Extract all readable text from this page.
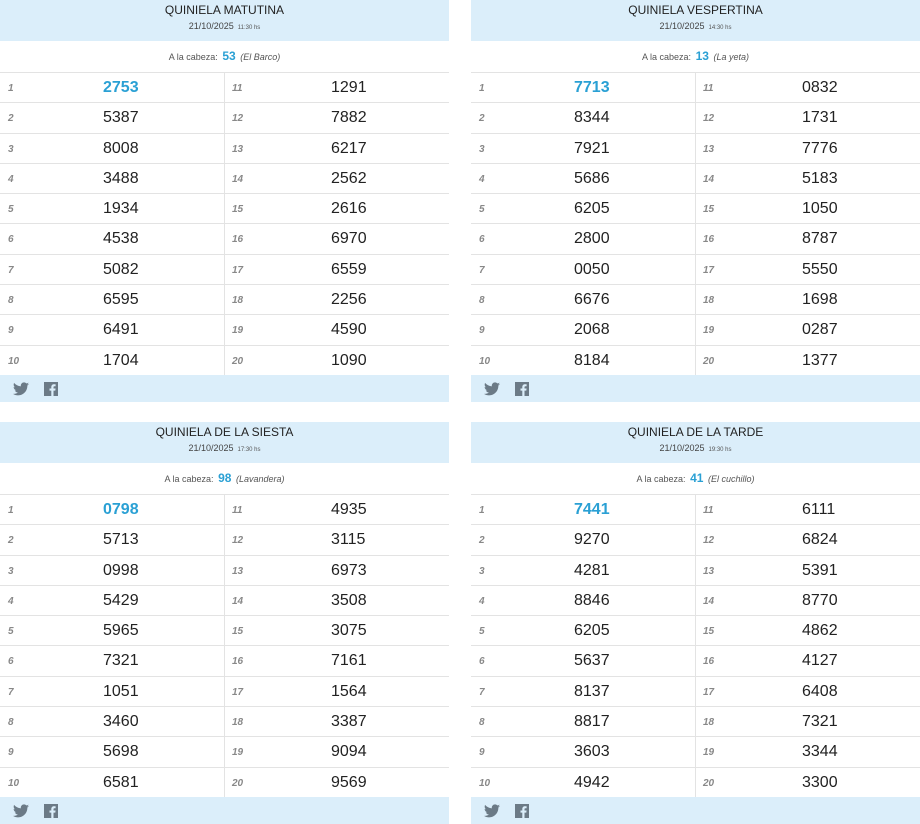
QUINIELA MATUTINA
21/10/2025 11:30 hs
A la cabeza: 53 (El Barco)
1	2753
2	5387
3	8008
4	3488
5	1934
6	4538
7	5082
8	6595
9	6491
10	1704
11	1291
12	7882
13	6217
14	2562
15	2616
16	6970
17	6559
18	2256
19	4590
20	1090
QUINIELA VESPERTINA
21/10/2025 14:30 hs
A la cabeza: 13 (La yeta)
1	7713
2	8344
3	7921
4	5686
5	6205
6	2800
7	0050
8	6676
9	2068
10	8184
11	0832
12	1731
13	7776
14	5183
15	1050
16	8787
17	5550
18	1698
19	0287
20	1377
QUINIELA DE LA SIESTA
21/10/2025 17:30 hs
A la cabeza: 98 (Lavandera)
1	0798
2	5713
3	0998
4	5429
5	5965
6	7321
7	1051
8	3460
9	5698
10	6581
11	4935
12	3115
13	6973
14	3508
15	3075
16	7161
17	1564
18	3387
19	9094
20	9569
QUINIELA DE LA TARDE
21/10/2025 19:30 hs
A la cabeza: 41 (El cuchillo)
1	7441
2	9270
3	4281
4	8846
5	6205
6	5637
7	8137
8	8817
9	3603
10	4942
11	6111
12	6824
13	5391
14	8770
15	4862
16	4127
17	6408
18	7321
19	3344
20	3300
